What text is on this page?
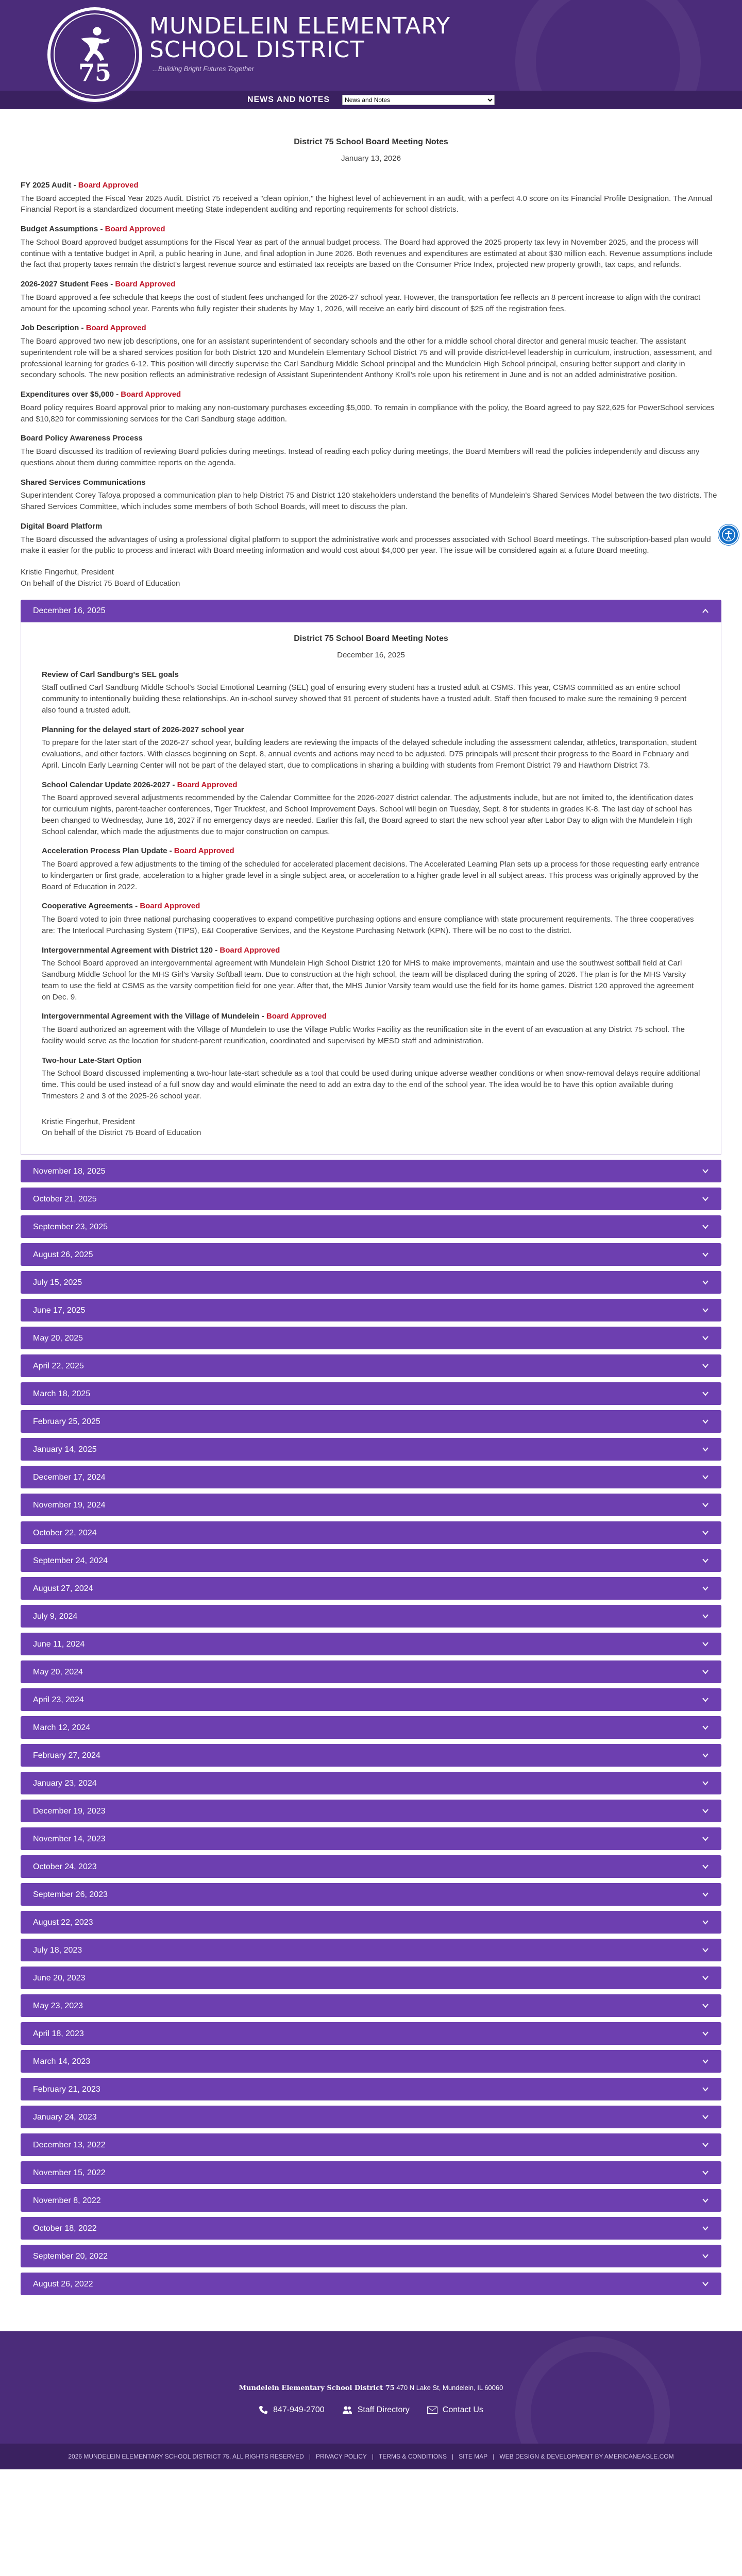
MUNDELEIN ELEMENTARY
SCHOOL DISTRICT
...Building Bright Futures Together
75
NEWS AND NOTES
News and Notes
District 75 School Board Meeting Notes
January 13, 2026
FY 2025 Audit - Board Approved
The Board accepted the Fiscal Year 2025 Audit. District 75 received a "clean opinion," the highest level of achievement in an audit, with a perfect 4.0 score on its Financial Profile Designation. The Annual Financial Report is a standardized document meeting State independent auditing and reporting requirements for school districts.
Budget Assumptions - Board Approved
The School Board approved budget assumptions for the Fiscal Year as part of the annual budget process. The Board had approved the 2025 property tax levy in November 2025, and the process will continue with a tentative budget in April, a public hearing in June, and final adoption in June 2026. Both revenues and expenditures are estimated at about $30 million each. Revenue assumptions include the fact that property taxes remain the district's largest revenue source and estimated tax receipts are based on the Consumer Price Index, projected new property growth, tax caps, and refunds.
2026-2027 Student Fees - Board Approved
The Board approved a fee schedule that keeps the cost of student fees unchanged for the 2026-27 school year. However, the transportation fee reflects an 8 percent increase to align with the contract amount for the upcoming school year. Parents who fully register their students by May 1, 2026, will receive an early bird discount of $25 off the registration fees.
Job Description - Board Approved
The Board approved two new job descriptions, one for an assistant superintendent of secondary schools and the other for a middle school choral director and general music teacher. The assistant superintendent role will be a shared services position for both District 120 and Mundelein Elementary School District 75 and will provide district-level leadership in curriculum, instruction, assessment, and professional learning for grades 6-12. This position will directly supervise the Carl Sandburg Middle School principal and the Mundelein High School principal, ensuring better support and clarity in secondary schools. The new position reflects an administrative redesign of Assistant Superintendent Anthony Kroll's role upon his retirement in June and is not an added administrative position.
Expenditures over $5,000 - Board Approved
Board policy requires Board approval prior to making any non-customary purchases exceeding $5,000. To remain in compliance with the policy, the Board agreed to pay $22,625 for PowerSchool services and $10,820 for commissioning services for the Carl Sandburg stage addition.
Board Policy Awareness Process
The Board discussed its tradition of reviewing Board policies during meetings. Instead of reading each policy during meetings, the Board Members will read the policies independently and discuss any questions about them during committee reports on the agenda.
Shared Services Communications
Superintendent Corey Tafoya proposed a communication plan to help District 75 and District 120 stakeholders understand the benefits of Mundelein's Shared Services Model between the two districts. The Shared Services Committee, which includes some members of both School Boards, will meet to discuss the plan.
Digital Board Platform
The Board discussed the advantages of using a professional digital platform to support the administrative work and processes associated with School Board meetings. The subscription-based plan would make it easier for the public to process and interact with Board meeting information and would cost about $4,000 per year. The issue will be considered again at a future Board meeting.
Kristie Fingerhut, President
On behalf of the District 75 Board of Education
December 16, 2025
District 75 School Board Meeting Notes
December 16, 2025
Review of Carl Sandburg's SEL goals
Staff outlined Carl Sandburg Middle School's Social Emotional Learning (SEL) goal of ensuring every student has a trusted adult at CSMS. This year, CSMS committed as an entire school community to intentionally building these relationships. An in-school survey showed that 91 percent of students have a trusted adult. Staff then focused to make sure the remaining 9 percent also found a trusted adult.
Planning for the delayed start of 2026-2027 school year
To prepare for the later start of the 2026-27 school year, building leaders are reviewing the impacts of the delayed schedule including the assessment calendar, athletics, transportation, student evaluations, and other factors. With classes beginning on Sept. 8, annual events and actions may need to be adjusted. D75 principals will present their progress to the Board in February and April. Lincoln Early Learning Center will not be part of the delayed start, due to complications in sharing a building with students from Fremont District 79 and Hawthorn District 73.
School Calendar Update 2026-2027 - Board Approved
The Board approved several adjustments recommended by the Calendar Committee for the 2026-2027 district calendar. The adjustments include, but are not limited to, the identification dates for curriculum nights, parent-teacher conferences, Tiger Truckfest, and School Improvement Days. School will begin on Tuesday, Sept. 8 for students in grades K-8. The last day of school has been changed to Wednesday, June 16, 2027 if no emergency days are needed. Earlier this fall, the Board agreed to start the new school year after Labor Day to align with the Mundelein High School calendar, which made the adjustments due to major construction on campus.
Acceleration Process Plan Update - Board Approved
The Board approved a few adjustments to the timing of the scheduled for accelerated placement decisions. The Accelerated Learning Plan sets up a process for those requesting early entrance to kindergarten or first grade, acceleration to a higher grade level in a single subject area, or acceleration to a higher grade level in all subject areas. This process was originally approved by the Board of Education in 2022.
Cooperative Agreements - Board Approved
The Board voted to join three national purchasing cooperatives to expand competitive purchasing options and ensure compliance with state procurement requirements. The three cooperatives are: The Interlocal Purchasing System (TIPS), E&I Cooperative Services, and the Keystone Purchasing Network (KPN). There will be no cost to the district.
Intergovernmental Agreement with District 120 - Board Approved
The School Board approved an intergovernmental agreement with Mundelein High School District 120 for MHS to make improvements, maintain and use the southwest softball field at Carl Sandburg Middle School for the MHS Girl's Varsity Softball team. Due to construction at the high school, the team will be displaced during the spring of 2026. The plan is for the MHS Varsity team to use the field at CSMS as the varsity competition field for one year. After that, the MHS Junior Varsity team would use the field for its home games. District 120 approved the agreement on Dec. 9.
Intergovernmental Agreement with the Village of Mundelein - Board Approved
The Board authorized an agreement with the Village of Mundelein to use the Village Public Works Facility as the reunification site in the event of an evacuation at any District 75 school. The facility would serve as the location for student-parent reunification, coordinated and supervised by MESD staff and administration.
Two-hour Late-Start Option
The School Board discussed implementing a two-hour late-start schedule as a tool that could be used during unique adverse weather conditions or when snow-removal delays require additional time. This could be used instead of a full snow day and would eliminate the need to add an extra day to the end of the school year. The idea would be to have this option available during Trimesters 2 and 3 of the 2025-26 school year.
Kristie Fingerhut, President
On behalf of the District 75 Board of Education
November 18, 2025
October 21, 2025
September 23, 2025
August 26, 2025
July 15, 2025
June 17, 2025
May 20, 2025
April 22, 2025
March 18, 2025
February 25, 2025
January 14, 2025
December 17, 2024
November 19, 2024
October 22, 2024
September 24, 2024
August 27, 2024
July 9, 2024
June 11, 2024
May 20, 2024
April 23, 2024
March 12, 2024
February 27, 2024
January 23, 2024
December 19, 2023
November 14, 2023
October 24, 2023
September 26, 2023
August 22, 2023
July 18, 2023
June 20, 2023
May 23, 2023
April 18, 2023
March 14, 2023
February 21, 2023
January 24, 2023
December 13, 2022
November 15, 2022
November 8, 2022
October 18, 2022
September 20, 2022
August 26, 2022
Mundelein Elementary School District 75 470 N Lake St, Mundelein, IL 60060
847-949-2700	Staff Directory	Contact Us
2026 MUNDELEIN ELEMENTARY SCHOOL DISTRICT 75. ALL RIGHTS RESERVED | PRIVACY POLICY | TERMS & CONDITIONS | SITE MAP | WEB DESIGN & DEVELOPMENT BY AMERICANEAGLE.COM
